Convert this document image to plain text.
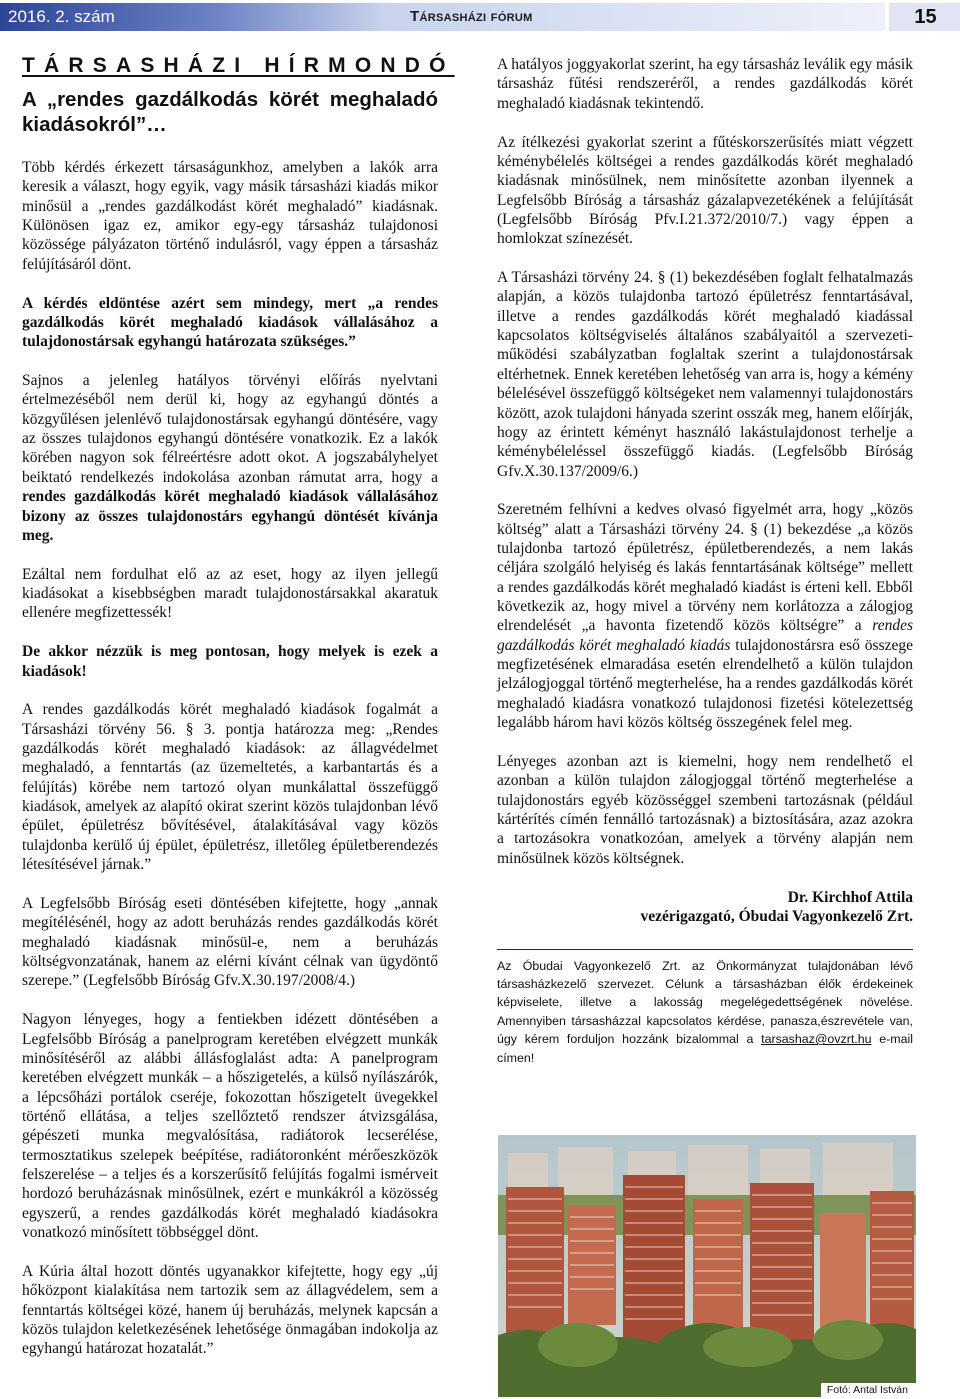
2016. 2. szám	Társasházi fórum	15
TÁRSASHÁZI HÍRMONDÓ
A „rendes gazdálkodás körét meghaladó kiadásokról”…

Több kérdés érkezett társaságunkhoz, amelyben a lakók arra keresik a választ, hogy egyik, vagy másik társasházi kiadás mikor minősül a „rendes gazdálkodást körét meghaladó” kiadásnak. Különösen igaz ez, amikor egy-egy társasház tulajdonosi közössége pályázaton történő indulásról, vagy éppen a társasház felújításáról dönt.

A kérdés eldöntése azért sem mindegy, mert „a rendes gazdálkodás körét meghaladó kiadások vállalásához a tulajdonostársak egyhangú határozata szükséges.”

Sajnos a jelenleg hatályos törvényi előírás nyelvtani értelmezéséből nem derül ki, hogy az egyhangú döntés a közgyűlésen jelenlévő tulajdonostársak egyhangú döntésére, vagy az összes tulajdonos egyhangú döntésére vonatkozik. Ez a lakók körében nagyon sok félreértésre adott okot. A jogszabályhelyet beiktató rendelkezés indokolása azonban rámutat arra, hogy a rendes gazdálkodás körét meghaladó kiadások vállalásához bizony az összes tulajdonostárs egyhangú döntését kívánja meg.

Ezáltal nem fordulhat elő az az eset, hogy az ilyen jellegű kiadásokat a kisebbségben maradt tulajdonostársakkal akaratuk ellenére megfizettessék!

De akkor nézzük is meg pontosan, hogy melyek is ezek a kiadások!

A rendes gazdálkodás körét meghaladó kiadások fogalmát a Társasházi törvény 56. § 3. pontja határozza meg: „Rendes gazdálkodás körét meghaladó kiadások: az állagvédelmet meghaladó, a fenntartás (az üzemeltetés, a karbantartás és a felújítás) körébe nem tartozó olyan munkálattal összefüggő kiadások, amelyek az alapító okirat szerint közös tulajdonban lévő épület, épületrész bővítésével, átalakításával vagy közös tulajdonba kerülő új épület, épületrész, illetőleg épületberendezés létesítésével járnak.”

A Legfelsőbb Bíróság eseti döntésében kifejtette, hogy „annak megítélésénél, hogy az adott beruházás rendes gazdálkodás körét meghaladó kiadásnak minősül-e, nem a beruházás költségvonzatának, hanem az elérni kívánt célnak van ügydöntő szerepe.” (Legfelsőbb Bíróság Gfv.X.30.197/2008/4.)

Nagyon lényeges, hogy a fentiekben idézett döntésében a Legfelsőbb Bíróság a panelprogram keretében elvégzett munkák minősítéséről az alábbi állásfoglalást adta: A panelprogram keretében elvégzett munkák – a hőszigetelés, a külső nyílászárók, a lépcsőházi portálok cseréje, fokozottan hőszigetelt üvegekkel történő ellátása, a teljes szellőztető rendszer átvizsgálása, gépészeti munka megvalósítása, radiátorok lecserélése, termosztatikus szelepek beépítése, radiátoronként mérőeszközök felszerelése – a teljes és a korszerűsítő felújítás fogalmi ismérveit hordozó beruházásnak minősülnek, ezért e munkákról a közösség egyszerű, a rendes gazdálkodás körét meghaladó kiadásokra vonatkozó minősített többséggel dönt.

A Kúria által hozott döntés ugyanakkor kifejtette, hogy egy „új hőközpont kialakítása nem tartozik sem az állagvédelem, sem a fenntartás költségei közé, hanem új beruházás, melynek kapcsán a közös tulajdon keletkezésének lehetősége önmagában indokolja az egyhangú határozat hozatalát.”

A hatályos joggyakorlat szerint, ha egy társasház leválik egy másik társasház fűtési rendszeréről, a rendes gazdálkodás körét meghaladó kiadásnak tekintendő.

Az ítélkezési gyakorlat szerint a fűtéskorszerűsítés miatt végzett kéménybélelés költségei a rendes gazdálkodás körét meghaladó kiadásnak minősülnek, nem minősítette azonban ilyennek a Legfelsőbb Bíróság a társasház gázalapvezetékének a felújítását (Legfelsőbb Bíróság Pfv.I.21.372/2010/7.) vagy éppen a homlokzat színezését.

A Társasházi törvény 24. § (1) bekezdésében foglalt felhatalmazás alapján, a közös tulajdonba tartozó épületrész fenntartásával, illetve a rendes gazdálkodás körét meghaladó kiadással kapcsolatos költségviselés általános szabályaitól a szervezeti-működési szabályzatban foglaltak szerint a tulajdonostársak eltérhetnek. Ennek keretében lehetőség van arra is, hogy a kémény bélelésével összefüggő költségeket nem valamennyi tulajdonostárs között, azok tulajdoni hányada szerint osszák meg, hanem előírják, hogy az érintett kéményt használó lakástulajdonost terhelje a kéménybéleléssel összefüggő kiadás. (Legfelsőbb Bíróság Gfv.X.30.137/2009/6.)

Szeretném felhívni a kedves olvasó figyelmét arra, hogy „közös költség” alatt a Társasházi törvény 24. § (1) bekezdése „a közös tulajdonba tartozó épületrész, épületberendezés, a nem lakás céljára szolgáló helyiség és lakás fenntartásának költsége” mellett a rendes gazdálkodás körét meghaladó kiadást is érteni kell. Ebből következik az, hogy mivel a törvény nem korlátozza a zálogjog elrendelését „a havonta fizetendő közös költségre” a rendes gazdálkodás körét meghaladó kiadás tulajdonostársra eső összege megfizetésének elmaradása esetén elrendelhető a külön tulajdon jelzálogjoggal történő megterhelése, ha a rendes gazdálkodás körét meghaladó kiadásra vonatkozó tulajdonosi fizetési kötelezettség legalább három havi közös költség összegének felel meg.

Lényeges azonban azt is kiemelni, hogy nem rendelhető el azonban a külön tulajdon zálogjoggal történő megterhelése a tulajdonostárs egyéb közösséggel szembeni tartozásnak (például kártérítés címén fennálló tartozásnak) a biztosítására, azaz azokra a tartozásokra vonatkozóan, amelyek a törvény alapján nem minősülnek közös költségnek.

Dr. Kirchhof Attila
vezérigazgató, Óbudai Vagyonkezelő Zrt.
Az Óbudai Vagyonkezelő Zrt. az Önkormányzat tulajdonában lévő társasházkezelő szervezet. Célunk a társasházban élők érdekeinek képviselete, illetve a lakosság megelégedettségének növelése. Amennyiben társasházzal kapcsolatos kérdése, panasza,észrevétele van, úgy kérem forduljon hozzánk bizalommal a tarsashaz@ovzrt.hu e-mail címen!
Fotó: Antal István
